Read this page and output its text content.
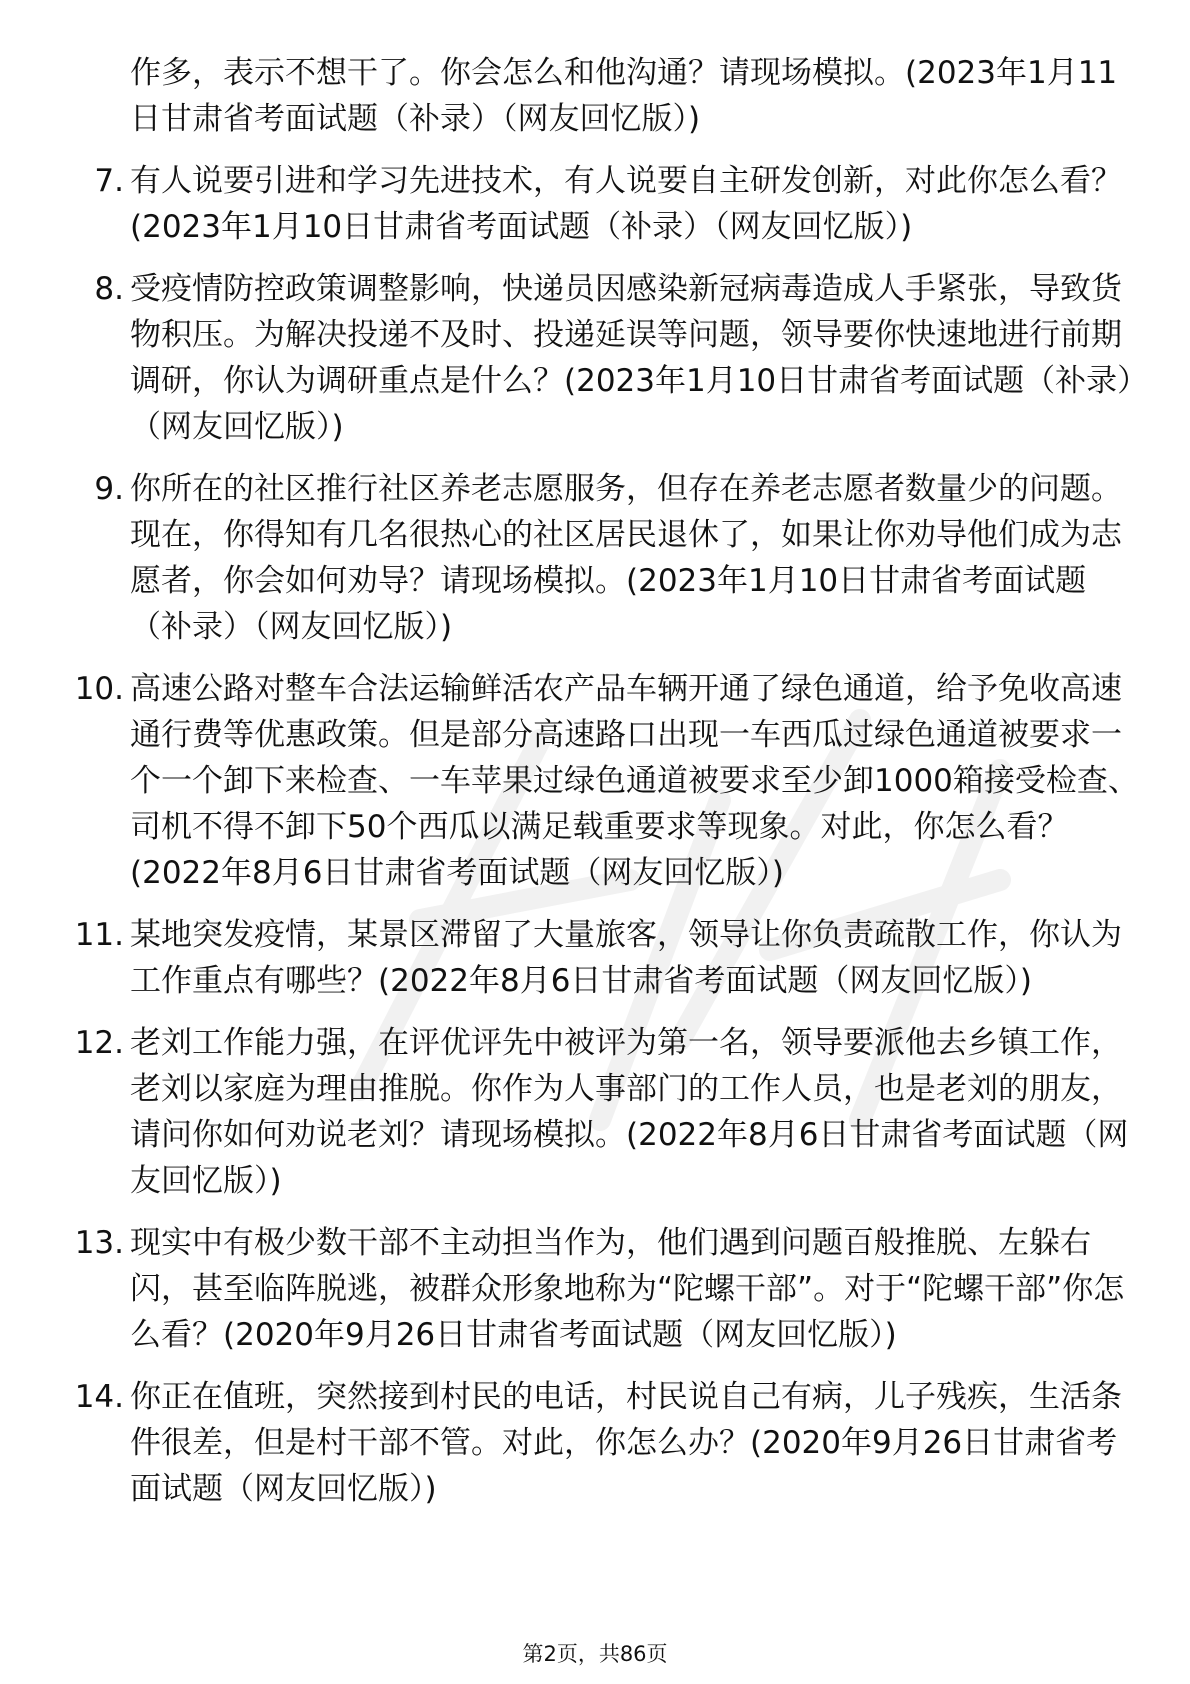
作多，表示不想干了。你会怎么和他沟通？请现场模拟。(2023年1月11日甘肃省考面试题（补录）（网友回忆版）)
7. 有人说要引进和学习先进技术，有人说要自主研发创新，对此你怎么看？(2023年1月10日甘肃省考面试题（补录）（网友回忆版）)
8. 受疫情防控政策调整影响，快递员因感染新冠病毒造成人手紧张，导致货物积压。为解决投递不及时、投递延误等问题，领导要你快速地进行前期调研，你认为调研重点是什么？(2023年1月10日甘肃省考面试题（补录）（网友回忆版）)
9. 你所在的社区推行社区养老志愿服务，但存在养老志愿者数量少的问题。现在，你得知有几名很热心的社区居民退休了，如果让你劝导他们成为志愿者，你会如何劝导？请现场模拟。(2023年1月10日甘肃省考面试题（补录）（网友回忆版）)
10. 高速公路对整车合法运输鲜活农产品车辆开通了绿色通道，给予免收高速通行费等优惠政策。但是部分高速路口出现一车西瓜过绿色通道被要求一个一个卸下来检查、一车苹果过绿色通道被要求至少卸1000箱接受检查、司机不得不卸下50个西瓜以满足载重要求等现象。对此，你怎么看？(2022年8月6日甘肃省考面试题（网友回忆版）)
11. 某地突发疫情，某景区滞留了大量旅客，领导让你负责疏散工作，你认为工作重点有哪些？(2022年8月6日甘肃省考面试题（网友回忆版）)
12. 老刘工作能力强，在评优评先中被评为第一名，领导要派他去乡镇工作，老刘以家庭为理由推脱。你作为人事部门的工作人员，也是老刘的朋友，请问你如何劝说老刘？请现场模拟。(2022年8月6日甘肃省考面试题（网友回忆版）)
13. 现实中有极少数干部不主动担当作为，他们遇到问题百般推脱、左躲右闪，甚至临阵脱逃，被群众形象地称为“陀螺干部”。对于“陀螺干部”你怎么看？(2020年9月26日甘肃省考面试题（网友回忆版）)
14. 你正在值班，突然接到村民的电话，村民说自己有病，儿子残疾，生活条件很差，但是村干部不管。对此，你怎么办？(2020年9月26日甘肃省考面试题（网友回忆版）)
第2页，共86页
